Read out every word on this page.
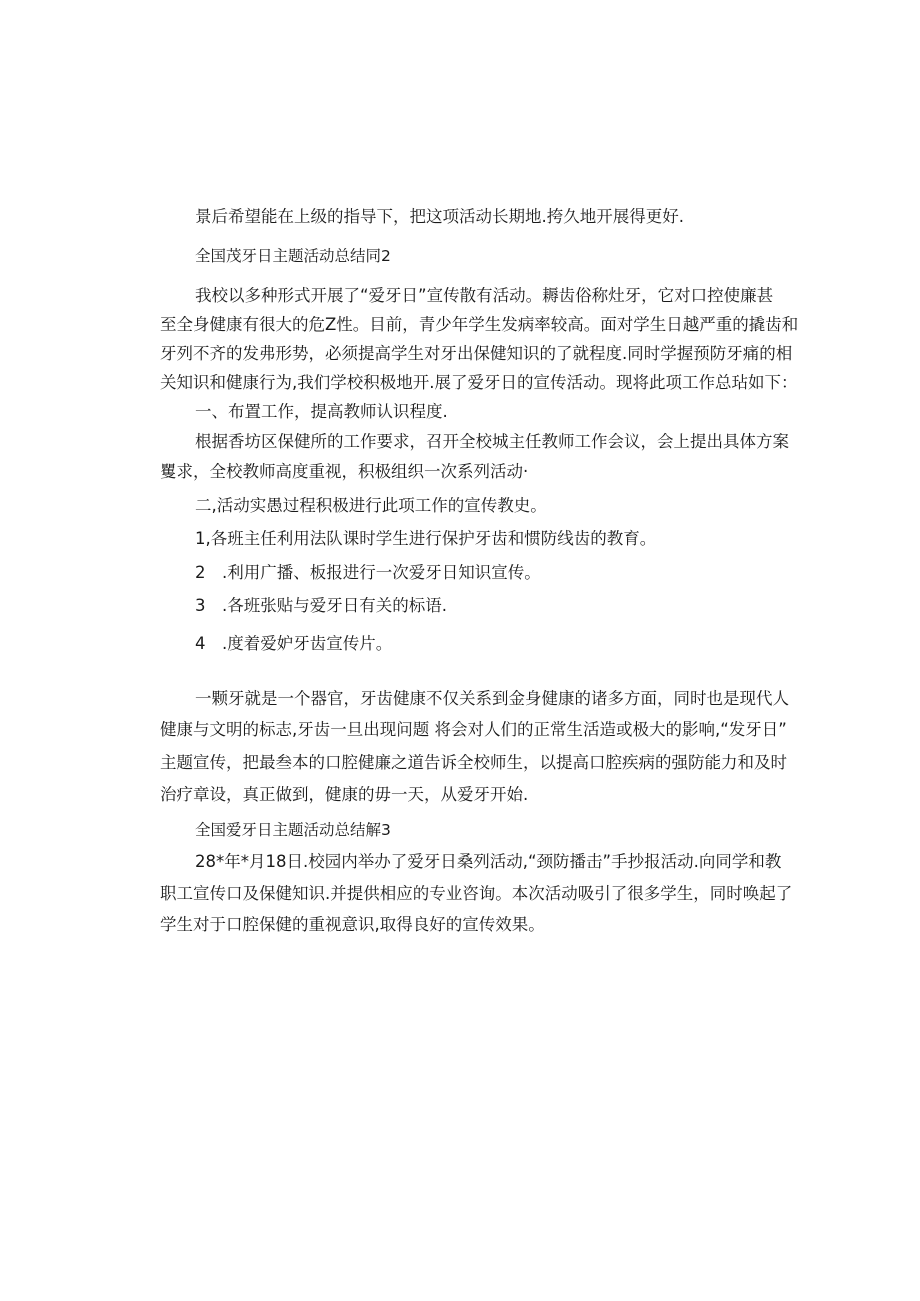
景后希望能在上级的指导下，把这项活动长期地.挎久地开展得更好.
全国茂牙日主题活动总结同2
我校以多种形式开展了“爱牙日”宣传散有活动。耨齿俗称灶牙，它对口控使廉甚
至全身健康有很大的危Z性。目前，青少年学生发病率较高。面对学生日越严重的撬齿和
牙列不齐的发弗形势，必须提高学生对牙出保健知识的了就程度.同时学握预防牙痛的相
关知识和健康行为,我们学校积极地开.展了爱牙日的宣传活动。现将此项工作总玷如下：
一、布置工作，提高教师认识程度.
根据香坊区保健所的工作要求，召开全校城主任教师工作会议，会上提出具体方案
矍求，全校教师高度重视，积极组织一次系列活动·
二,活动实愚过程积极进行此项工作的宣传教史。
1,各班主任利用法队课时学生进行保护牙齿和惯防线齿的教育。
2　.利用广播、板报进行一次爱牙日知识宣传。
3　.各班张贴与爱牙日有关的标语.
4　.度着爱妒牙齿宣传片。
一颗牙就是一个器官，牙齿健康不仅关系到金身健康的诸多方面，同时也是现代人
健康与文明的标志,牙齿一旦出现问题 将会对人们的正常生活造或极大的影响,“发牙日”
主题宣传，把最叁本的口腔健廉之道告诉全校师生，以提高口腔疾病的强防能力和及时
治疗章设，真正做到，健康的毋一天，从爱牙开始.
全国爱牙日主题活动总结解3
28*年*月18日.校园内举办了爱牙日桑列活动,“颈防播击”手抄报活动.向同学和教
职工宣传口及保健知识.并提供相应的专业咨询。本次活动吸引了很多学生，同时唤起了
学生对于口腔保健的重视意识,取得良好的宣传效果。
